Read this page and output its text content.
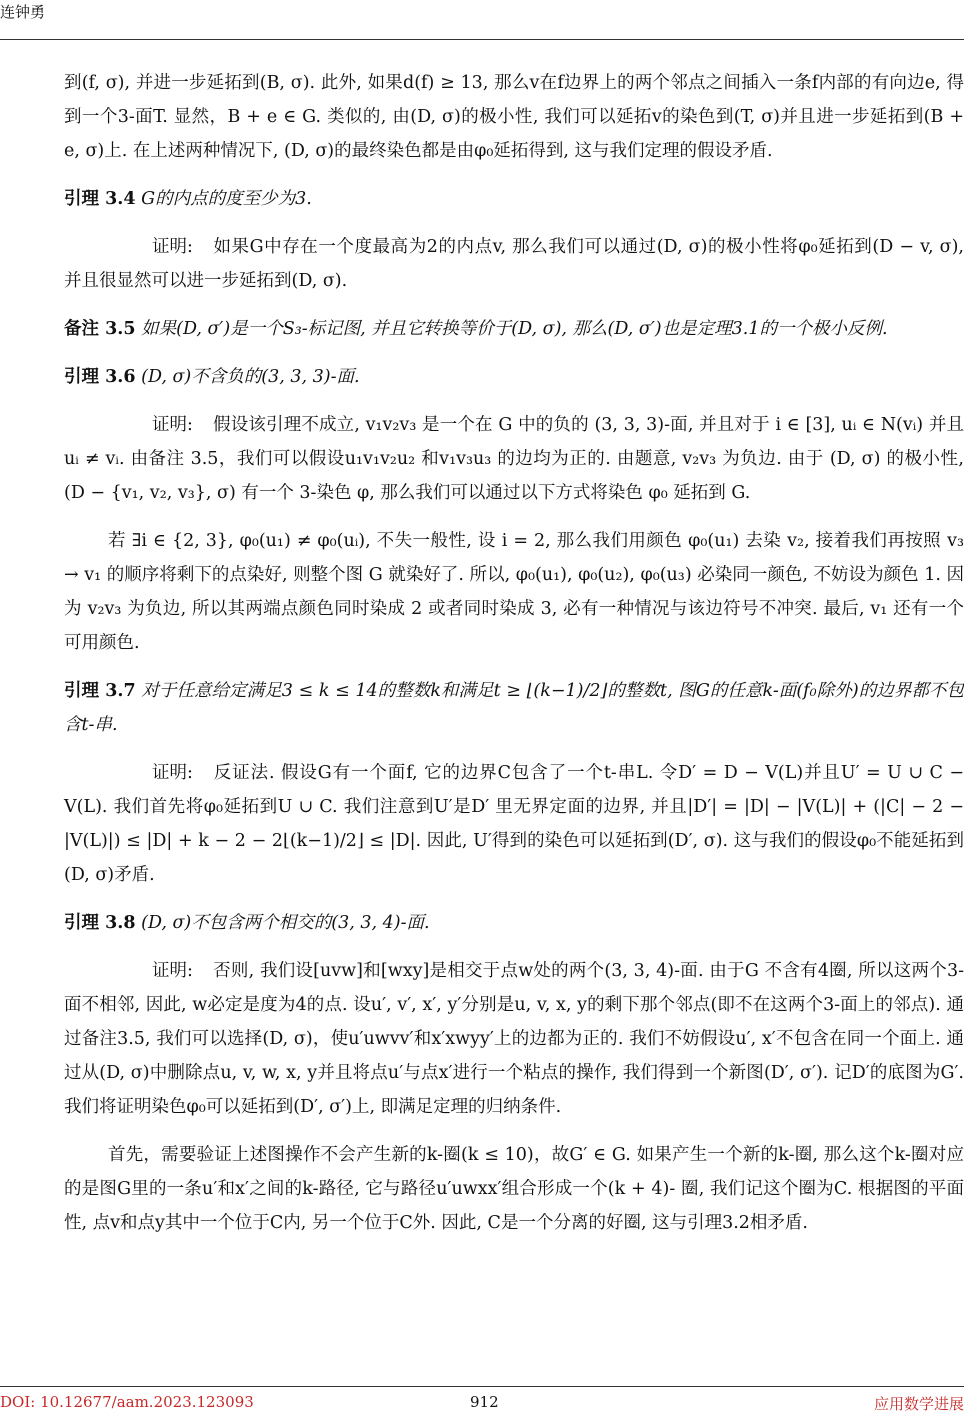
连钟勇

到(f, σ), 并进一步延拓到(B, σ). 此外, 如果d(f) ≥ 13, 那么v在f边界上的两个邻点之间插入一条f内部的有向边e, 得到一个3-面T. 显然，B + e ∈ G. 类似的, 由(D, σ)的极小性, 我们可以延拓v的染色到(T, σ)并且进一步延拓到(B + e, σ)上. 在上述两种情况下, (D, σ)的最终染色都是由φ₀延拓得到, 这与我们定理的假设矛盾.

引理 3.4 G的内点的度至少为3.

证明: 如果G中存在一个度最高为2的内点v, 那么我们可以通过(D, σ)的极小性将φ₀延拓到(D − v, σ), 并且很显然可以进一步延拓到(D, σ).

备注 3.5 如果(D, σ′)是一个S₃-标记图, 并且它转换等价于(D, σ), 那么(D, σ′)也是定理3.1的一个极小反例.

引理 3.6 (D, σ)不含负的(3, 3, 3)-面.

证明: 假设该引理不成立, v₁v₂v₃ 是一个在 G 中的负的 (3, 3, 3)-面, 并且对于 i ∈ [3], uᵢ ∈ N(vᵢ) 并且 uᵢ ≠ vᵢ. 由备注 3.5，我们可以假设u₁v₁v₂u₂ 和v₁v₃u₃ 的边均为正的. 由题意, v₂v₃ 为负边. 由于 (D, σ) 的极小性, (D − {v₁, v₂, v₃}, σ) 有一个 3-染色 φ, 那么我们可以通过以下方式将染色 φ₀ 延拓到 G.

若 ∃i ∈ {2, 3}, φ₀(u₁) ≠ φ₀(uᵢ), 不失一般性, 设 i = 2, 那么我们用颜色 φ₀(u₁) 去染 v₂, 接着我们再按照 v₃ → v₁ 的顺序将剩下的点染好, 则整个图 G 就染好了. 所以, φ₀(u₁), φ₀(u₂), φ₀(u₃) 必染同一颜色, 不妨设为颜色 1. 因为 v₂v₃ 为负边, 所以其两端点颜色同时染成 2 或者同时染成 3, 必有一种情况与该边符号不冲突. 最后, v₁ 还有一个可用颜色.

引理 3.7 对于任意给定满足3 ≤ k ≤ 14的整数k和满足t ≥ ⌊(k−1)/2⌋的整数t, 图G的任意k-面(f₀除外)的边界都不包含t-串.

证明: 反证法. 假设G有一个面f, 它的边界C包含了一个t-串L. 令D′ = D − V(L)并且U′ = U ∪ C − V(L). 我们首先将φ₀延拓到U ∪ C. 我们注意到U′是D′ 里无界定面的边界, 并且|D′| = |D| − |V(L)| + (|C| − 2 − |V(L)|) ≤ |D| + k − 2 − 2⌊(k−1)/2⌋ ≤ |D|. 因此, U′得到的染色可以延拓到(D′, σ). 这与我们的假设φ₀不能延拓到(D, σ)矛盾.

引理 3.8 (D, σ)不包含两个相交的(3, 3, 4)-面.

证明: 否则, 我们设[uvw]和[wxy]是相交于点w处的两个(3, 3, 4)-面. 由于G 不含有4圈, 所以这两个3-面不相邻, 因此, w必定是度为4的点. 设u′, v′, x′, y′分别是u, v, x, y的剩下那个邻点(即不在这两个3-面上的邻点). 通过备注3.5, 我们可以选择(D, σ)，使u′uwvv′和x′xwyy′上的边都为正的. 我们不妨假设u′, x′不包含在同一个面上. 通过从(D, σ)中删除点u, v, w, x, y并且将点u′与点x′进行一个粘点的操作, 我们得到一个新图(D′, σ′). 记D′的底图为G′. 我们将证明染色φ₀可以延拓到(D′, σ′)上, 即满足定理的归纳条件.

首先，需要验证上述图操作不会产生新的k-圈(k ≤ 10)，故G′ ∈ G. 如果产生一个新的k-圈, 那么这个k-圈对应的是图G里的一条u′和x′之间的k-路径, 它与路径u′uwxx′组合形成一个(k + 4)- 圈, 我们记这个圈为C. 根据图的平面性, 点v和点y其中一个位于C内, 另一个位于C外. 因此, C是一个分离的好圈, 这与引理3.2相矛盾.

DOI: 10.12677/aam.2023.123093	912	应用数学进展
